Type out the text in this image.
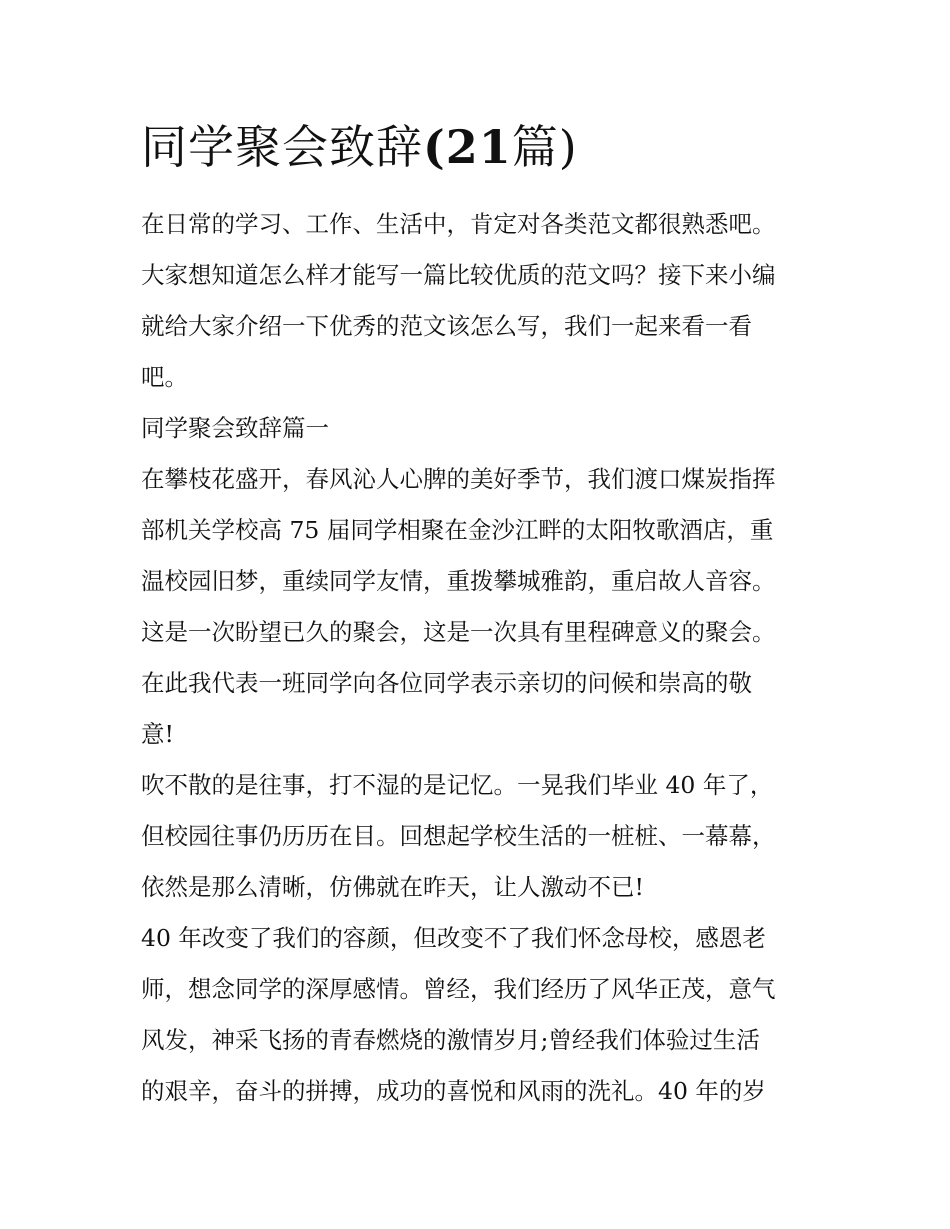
同学聚会致辞(21篇)

在日常的学习、工作、生活中，肯定对各类范文都很熟悉吧。
大家想知道怎么样才能写一篇比较优质的范文吗？接下来小编
就给大家介绍一下优秀的范文该怎么写，我们一起来看一看
吧。

同学聚会致辞篇一

在攀枝花盛开，春风沁人心脾的美好季节，我们渡口煤炭指挥
部机关学校高 75 届同学相聚在金沙江畔的太阳牧歌酒店，重
温校园旧梦，重续同学友情，重拨攀城雅韵，重启故人音容。
这是一次盼望已久的聚会，这是一次具有里程碑意义的聚会。
在此我代表一班同学向各位同学表示亲切的问候和崇高的敬
意!

吹不散的是往事，打不湿的是记忆。一晃我们毕业 40 年了，
但校园往事仍历历在目。回想起学校生活的一桩桩、一幕幕，
依然是那么清晰，仿佛就在昨天，让人激动不已!

40 年改变了我们的容颜，但改变不了我们怀念母校，感恩老
师，想念同学的深厚感情。曾经，我们经历了风华正茂，意气
风发，神采飞扬的青春燃烧的激情岁月;曾经我们体验过生活
的艰辛，奋斗的拼搏，成功的喜悦和风雨的洗礼。40 年的岁
